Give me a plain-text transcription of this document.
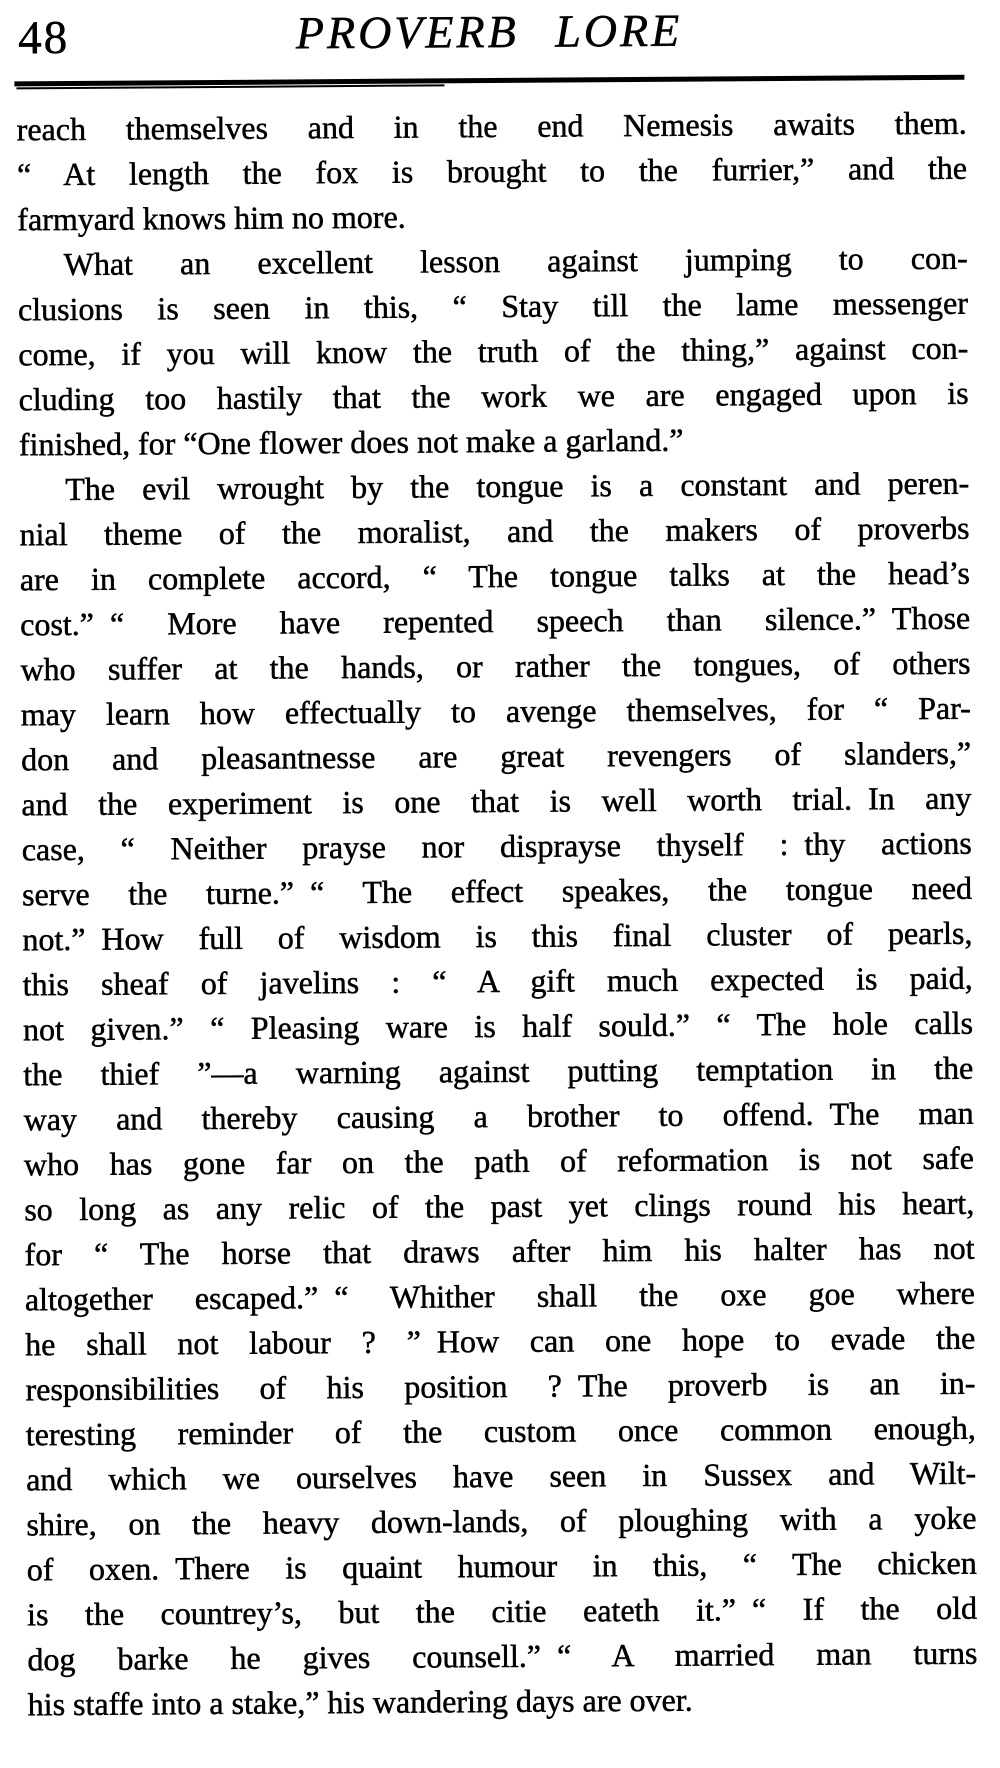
48	PROVERB LORE
reach themselves and in the end Nemesis awaits them.
“ At length the fox is brought to the furrier,” and the
farmyard knows him no more.
What an excellent lesson against jumping to con-
clusions is seen in this, “ Stay till the lame messenger
come, if you will know the truth of the thing,” against con-
cluding too hastily that the work we are engaged upon is
finished, for “One flower does not make a garland.”
The evil wrought by the tongue is a constant and peren-
nial theme of the moralist, and the makers of proverbs
are in complete accord, “ The tongue talks at the head’s
cost.” “ More have repented speech than silence.” Those
who suffer at the hands, or rather the tongues, of others
may learn how effectually to avenge themselves, for “ Par-
don and pleasantnesse are great revengers of slanders,”
and the experiment is one that is well worth trial. In any
case, “ Neither prayse nor disprayse thyself : thy actions
serve the turne.” “ The effect speakes, the tongue need
not.” How full of wisdom is this final cluster of pearls,
this sheaf of javelins : “ A gift much expected is paid,
not given.” “ Pleasing ware is half sould.” “ The hole calls
the thief ”—a warning against putting temptation in the
way and thereby causing a brother to offend. The man
who has gone far on the path of reformation is not safe
so long as any relic of the past yet clings round his heart,
for “ The horse that draws after him his halter has not
altogether escaped.” “ Whither shall the oxe goe where
he shall not labour ? ” How can one hope to evade the
responsibilities of his position ? The proverb is an in-
teresting reminder of the custom once common enough,
and which we ourselves have seen in Sussex and Wilt-
shire, on the heavy down-lands, of ploughing with a yoke
of oxen. There is quaint humour in this, “ The chicken
is the countrey’s, but the citie eateth it.” “ If the old
dog barke he gives counsell.” “ A married man turns
his staffe into a stake,” his wandering days are over.
